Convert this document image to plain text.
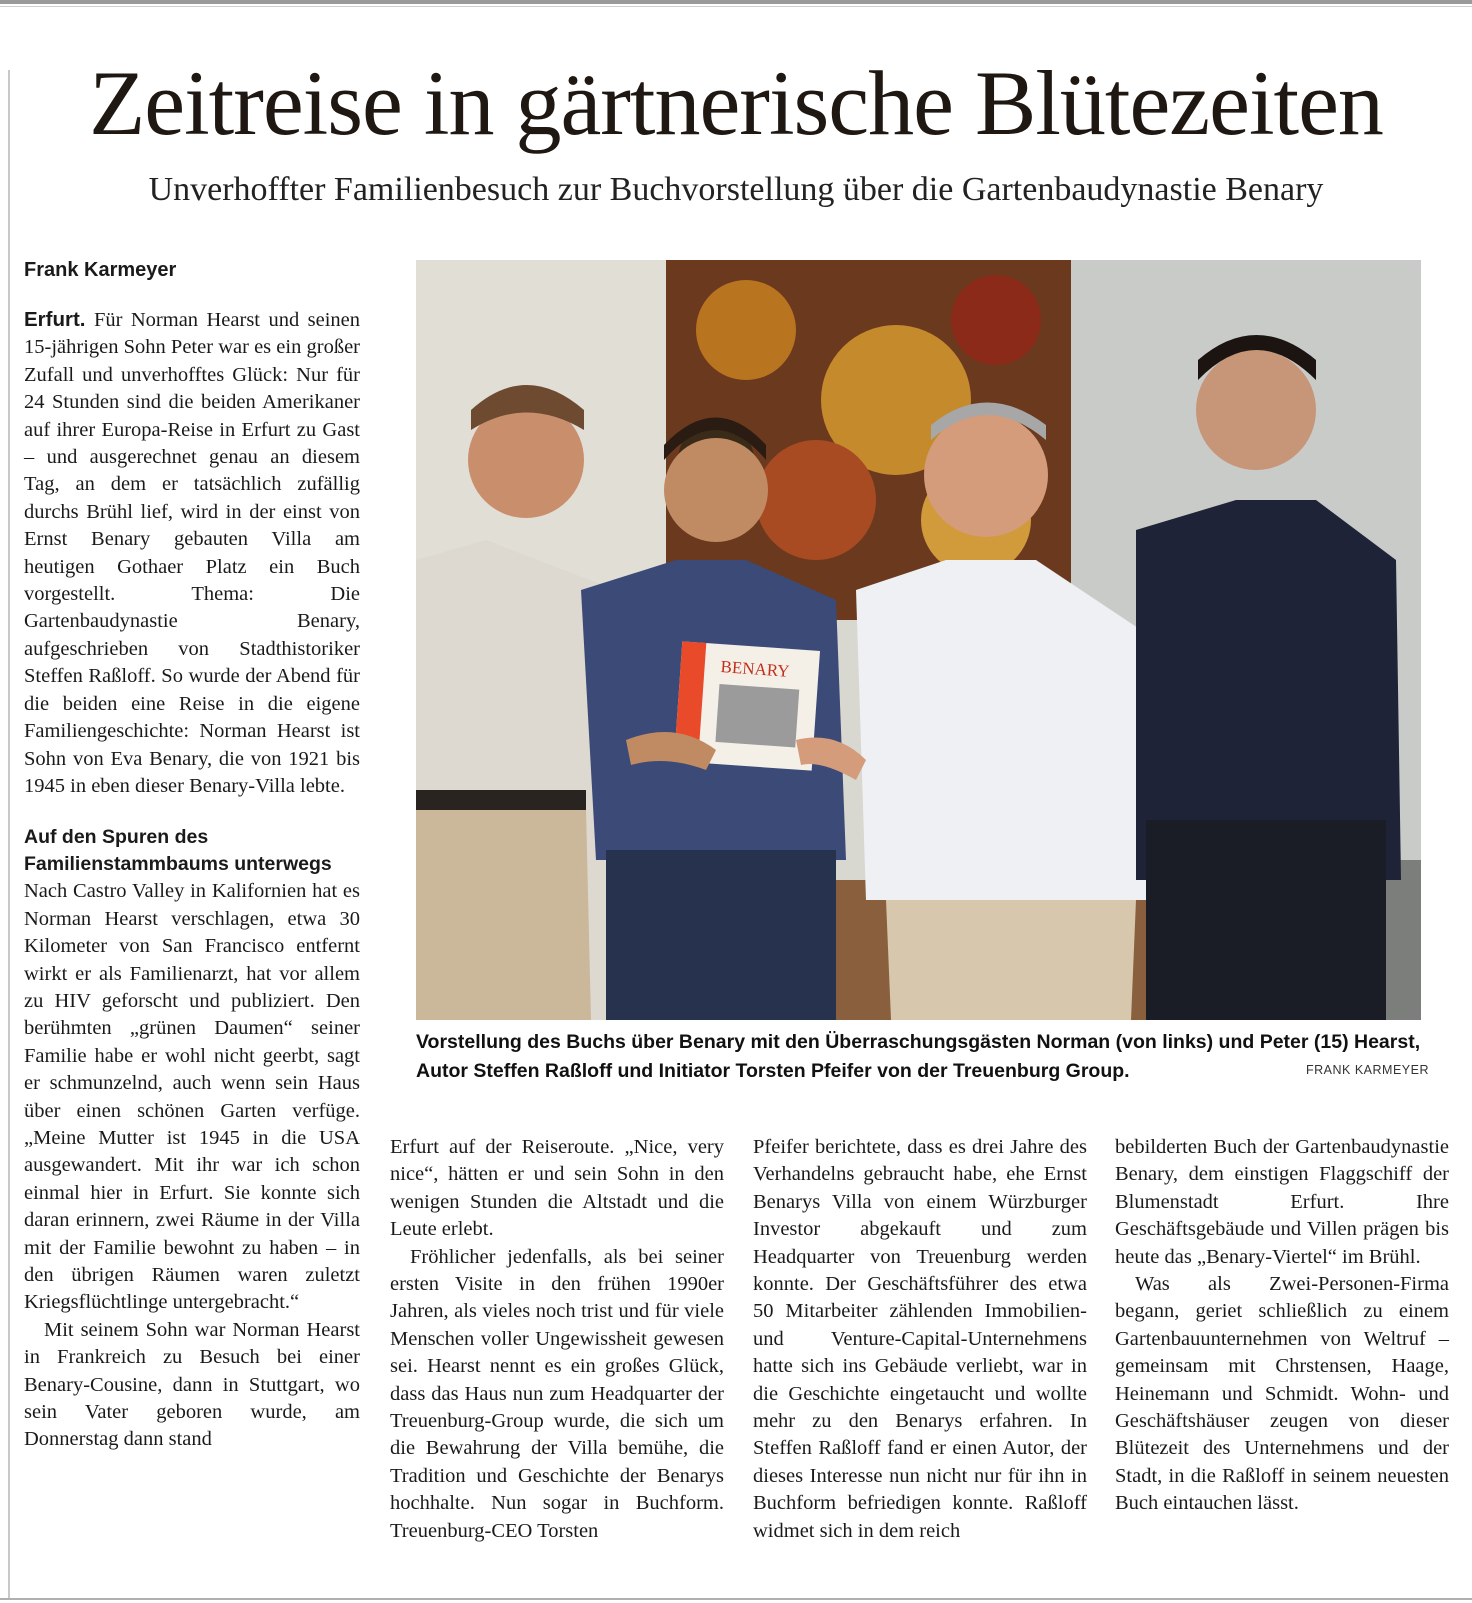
Zeitreise in gärtnerische Blütezeiten
Unverhoffter Familienbesuch zur Buchvorstellung über die Gartenbaudynastie Benary

Frank Karmeyer

Erfurt. Für Norman Hearst und seinen 15-jährigen Sohn Peter war es ein großer Zufall und unverhofftes Glück: Nur für 24 Stunden sind die beiden Amerikaner auf ihrer Europa-Reise in Erfurt zu Gast – und ausgerechnet genau an diesem Tag, an dem er tatsächlich zufällig durchs Brühl lief, wird in der einst von Ernst Benary gebauten Villa am heutigen Gothaer Platz ein Buch vorgestellt. Thema: Die Gartenbaudynastie Benary, aufgeschrieben von Stadthistoriker Steffen Raßloff. So wurde der Abend für die beiden eine Reise in die eigene Familiengeschichte: Norman Hearst ist Sohn von Eva Benary, die von 1921 bis 1945 in eben dieser Benary-Villa lebte.

Auf den Spuren des Familienstammbaums unterwegs

Nach Castro Valley in Kalifornien hat es Norman Hearst verschlagen, etwa 30 Kilometer von San Francisco entfernt wirkt er als Familienarzt, hat vor allem zu HIV geforscht und publiziert. Den berühmten „grünen Daumen“ seiner Familie habe er wohl nicht geerbt, sagt er schmunzelnd, auch wenn sein Haus über einen schönen Garten verfüge. „Meine Mutter ist 1945 in die USA ausgewandert. Mit ihr war ich schon einmal hier in Erfurt. Sie konnte sich daran erinnern, zwei Räume in der Villa mit der Familie bewohnt zu haben – in den übrigen Räumen waren zuletzt Kriegsflüchtlinge untergebracht.“

Mit seinem Sohn war Norman Hearst in Frankreich zu Besuch bei einer Benary-Cousine, dann in Stuttgart, wo sein Vater geboren wurde, am Donnerstag dann stand

BENARY
Vorstellung des Buchs über Benary mit den Überraschungsgästen Norman (von links) und Peter (15) Hearst, Autor Steffen Raßloff und Initiator Torsten Pfeifer von der Treuenburg Group.	FRANK KARMEYER

Erfurt auf der Reiseroute. „Nice, very nice“, hätten er und sein Sohn in den wenigen Stunden die Altstadt und die Leute erlebt.

Fröhlicher jedenfalls, als bei seiner ersten Visite in den frühen 1990er Jahren, als vieles noch trist und für viele Menschen voller Ungewissheit gewesen sei. Hearst nennt es ein großes Glück, dass das Haus nun zum Headquarter der Treuenburg-Group wurde, die sich um die Bewahrung der Villa bemühe, die Tradition und Geschichte der Benarys hochhalte. Nun sogar in Buchform. Treuenburg-CEO Torsten

Pfeifer berichtete, dass es drei Jahre des Verhandelns gebraucht habe, ehe Ernst Benarys Villa von einem Würzburger Investor abgekauft und zum Headquarter von Treuenburg werden konnte. Der Geschäftsführer des etwa 50 Mitarbeiter zählenden Immobilien- und Venture-Capital-Unternehmens hatte sich ins Gebäude verliebt, war in die Geschichte eingetaucht und wollte mehr zu den Benarys erfahren. In Steffen Raßloff fand er einen Autor, der dieses Interesse nun nicht nur für ihn in Buchform befriedigen konnte. Raßloff widmet sich in dem reich

bebilderten Buch der Gartenbaudynastie Benary, dem einstigen Flaggschiff der Blumenstadt Erfurt. Ihre Geschäftsgebäude und Villen prägen bis heute das „Benary-Viertel“ im Brühl.

Was als Zwei-Personen-Firma begann, geriet schließlich zu einem Gartenbauunternehmen von Weltruf – gemeinsam mit Chrstensen, Haage, Heinemann und Schmidt. Wohn- und Geschäftshäuser zeugen von dieser Blütezeit des Unternehmens und der Stadt, in die Raßloff in seinem neuesten Buch eintauchen lässt.
